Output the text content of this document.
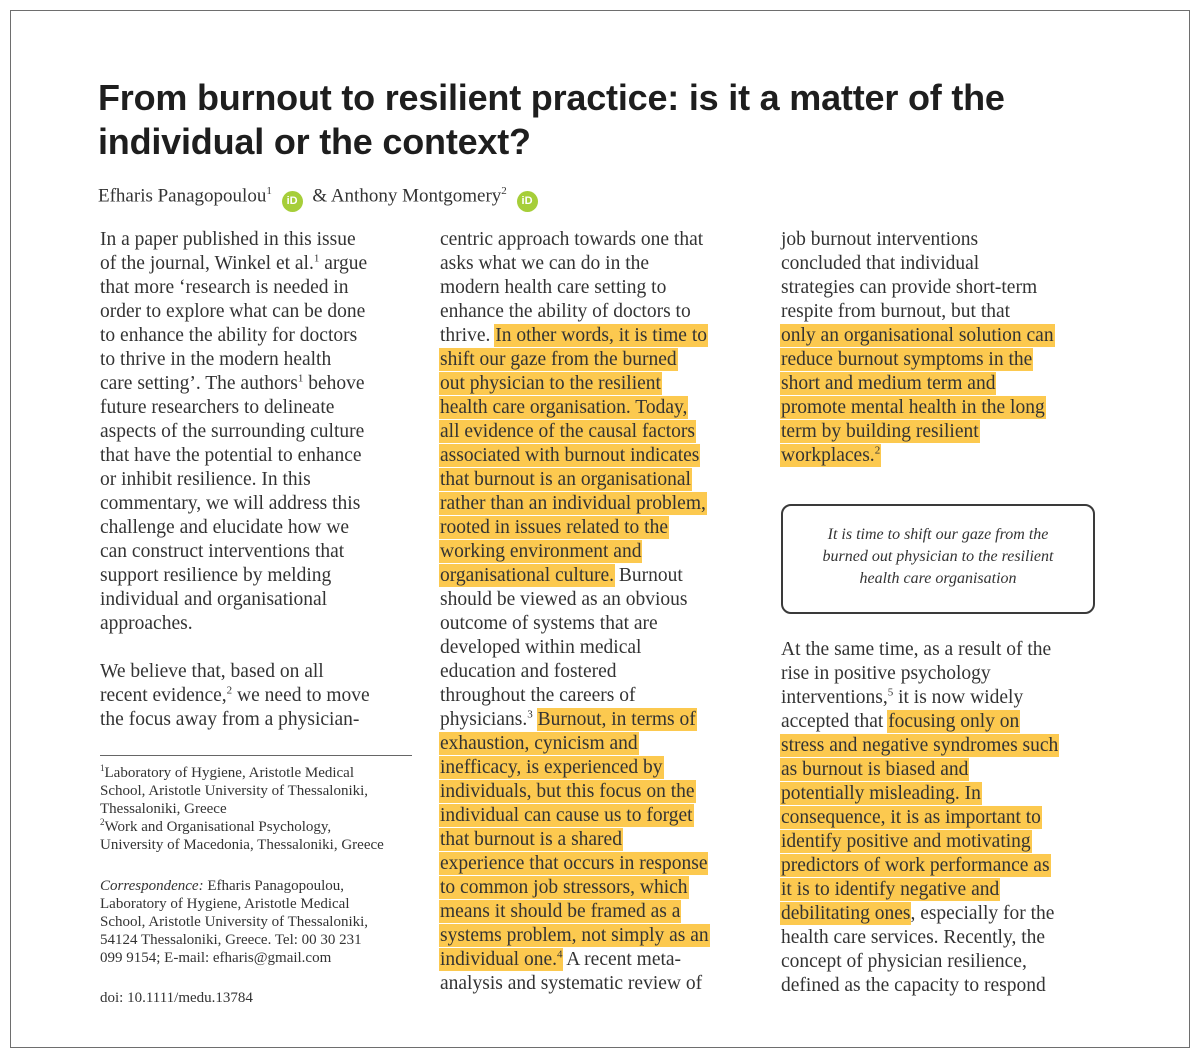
From burnout to resilient practice: is it a matter of the individual or the context?
Efharis Panagopoulou$^1$ iD & Anthony Montgomery$^2$ iD
In a paper published in this issue
of the journal, Winkel et al.$^1$ argue
that more ‘research is needed in
order to explore what can be done
to enhance the ability for doctors
to thrive in the modern health
care setting’. The authors$^1$ behove
future researchers to delineate
aspects of the surrounding culture
that have the potential to enhance
or inhibit resilience. In this
commentary, we will address this
challenge and elucidate how we
can construct interventions that
support resilience by melding
individual and organisational
approaches.
We believe that, based on all
recent evidence,$^2$ we need to move
the focus away from a physician-
centric approach towards one that
asks what we can do in the
modern health care setting to
enhance the ability of doctors to
thrive. In other words, it is time to
shift our gaze from the burned
out physician to the resilient
health care organisation. Today,
all evidence of the causal factors
associated with burnout indicates
that burnout is an organisational
rather than an individual problem,
rooted in issues related to the
working environment and
organisational culture. Burnout
should be viewed as an obvious
outcome of systems that are
developed within medical
education and fostered
throughout the careers of
physicians.$^3$ Burnout, in terms of
exhaustion, cynicism and
inefficacy, is experienced by
individuals, but this focus on the
individual can cause us to forget
that burnout is a shared
experience that occurs in response
to common job stressors, which
means it should be framed as a
systems problem, not simply as an
individual one.$^4$ A recent meta-
analysis and systematic review of
job burnout interventions
concluded that individual
strategies can provide short-term
respite from burnout, but that
only an organisational solution can
reduce burnout symptoms in the
short and medium term and
promote mental health in the long
term by building resilient
workplaces.$^2$
At the same time, as a result of the
rise in positive psychology
interventions,$^5$ it is now widely
accepted that focusing only on
stress and negative syndromes such
as burnout is biased and
potentially misleading. In
consequence, it is as important to
identify positive and motivating
predictors of work performance as
it is to identify negative and
debilitating ones, especially for the
health care services. Recently, the
concept of physician resilience,
defined as the capacity to respond
It is time to shift our gaze from the
burned out physician to the resilient
health care organisation
$^1$Laboratory of Hygiene, Aristotle Medical
School, Aristotle University of Thessaloniki,
Thessaloniki, Greece
$^2$Work and Organisational Psychology,
University of Macedonia, Thessaloniki, Greece
Correspondence: Efharis Panagopoulou,
Laboratory of Hygiene, Aristotle Medical
School, Aristotle University of Thessaloniki,
54124 Thessaloniki, Greece. Tel: 00 30 231
099 9154; E-mail: efharis@gmail.com
doi: 10.1111/medu.13784
